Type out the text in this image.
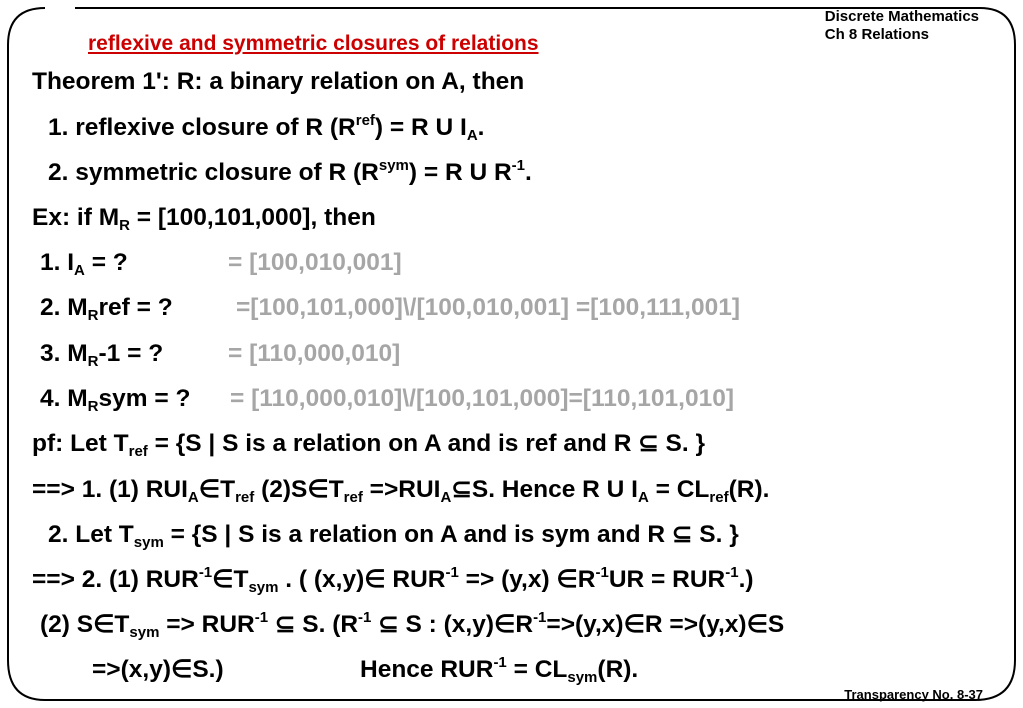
Discrete Mathematics
Ch 8 Relations
reflexive and symmetric closures of relations
Theorem 1': R: a binary relation on A, then
1. reflexive closure of R $(R^{ref}) = R$ U $I_A$.
2. symmetric closure of R $(R^{sym}) = R$ U $R^{-1}$.
Ex: if $M_R = [100,101,000]$, then
1. $I_A$ = ?	= [100,010,001]
2. $M_Rref$ = ?	=[100,101,000]\/[100,010,001] =[100,111,001]
3. $M_R-1$ = ?	= [110,000,010]
4. $M_Rsym$ = ? = [110,000,010]\/[100,101,000]=[110,101,010]
pf: Let $T_{ref} = \{S$ | S is a relation on A and is ref and R ⊆ S. }
==> 1. (1) $RUI_A\in T_{ref}$ $(2)S\in T_{ref}$ $=>RUI_A⊆S$. Hence R U $I_A = CL_{ref}(R)$.
2. Let $T_{sym} = \{S$ | S is a relation on A and is sym and R ⊆ S. }
==> 2. (1) $RUR^{-1}\in T_{sym}$ . ( (x,y)∈ $RUR^{-1} => (y,x)$ $\in R^{-1}UR = RUR^{-1}$.)
(2) $S\in T_{sym} => RUR^{-1}$ ⊆ S. ($R^{-1}$ ⊆ S : $(x,y)\in R^{-1}=>(y,x)\in R$ =>(y,x)∈S
=>(x,y)∈S.)	Hence $RUR^{-1} = CL_{sym}(R)$.
Transparency No. 8-37
